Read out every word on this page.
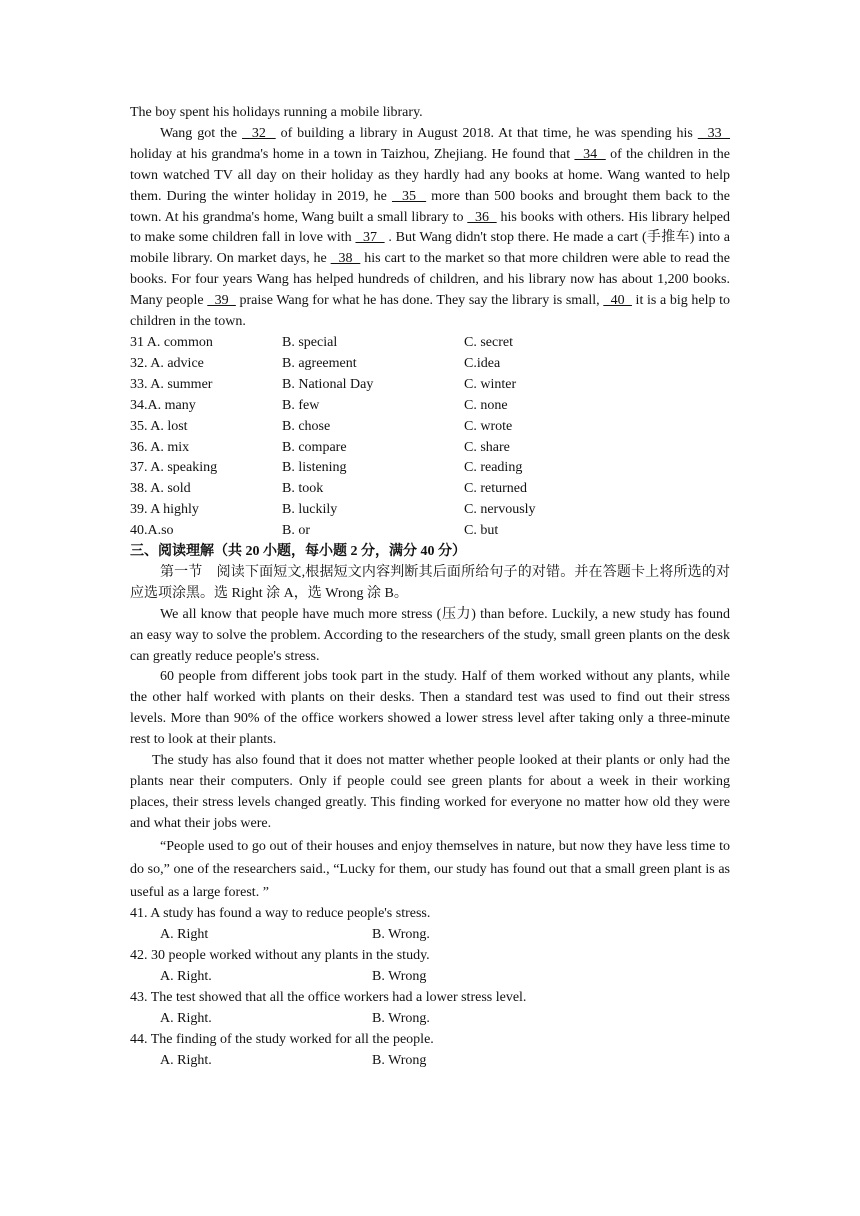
The boy spent his holidays running a mobile library.

Wang got the   32   of building a library in August 2018. At that time, he was spending his   33   holiday at his grandma's home in a town in Taizhou, Zhejiang. He found that   34   of the children in the town watched TV all day on their holiday as they hardly had any books at home. Wang wanted to help them. During the winter holiday in 2019, he   35   more than 500 books and brought them back to the town. At his grandma's home, Wang built a small library to   36   his books with others. His library helped to make some children fall in love with   37   . But Wang didn't stop there. He made a cart (手推车) into a mobile library. On market days, he   38   his cart to the market so that more children were able to read the books. For four years Wang has helped hundreds of children, and his library now has about 1,200 books. Many people   39   praise Wang for what he has done. They say the library is small,   40   it is a big help to children in the town.

31 A. common	B. special	C. secret
32. A. advice	B. agreement	C.idea
33. A. summer	B. National Day	C. winter
34.A. many	B. few	C. none
35. A. lost	B. chose	C. wrote
36. A. mix	B. compare	C. share
37. A. speaking	B. listening	C. reading
38. A. sold	B. took	C. returned
39. A highly	B. luckily	C. nervously
40.A.so	B. or	C. but

三、阅读理解（共 20 小题，每小题 2 分，满分 40 分）

第一节　阅读下面短文,根据短文内容判断其后面所给句子的对错。并在答题卡上将所选的对应选项涂黑。选 Right 涂 A，选 Wrong 涂 B。

We all know that people have much more stress (压力) than before. Luckily, a new study has found an easy way to solve the problem. According to the researchers of the study, small green plants on the desk can greatly reduce people's stress.

60 people from different jobs took part in the study. Half of them worked without any plants, while the other half worked with plants on their desks. Then a standard test was used to find out their stress levels. More than 90% of the office workers showed a lower stress level after taking only a three-minute rest to look at their plants.

The study has also found that it does not matter whether people looked at their plants or only had the plants near their computers. Only if people could see green plants for about a week in their working places, their stress levels changed greatly. This finding worked for everyone no matter how old they were and what their jobs were.

“People used to go out of their houses and enjoy themselves in nature, but now they have less time to do so,” one of the researchers said., “Lucky for them, our study has found out that a small green plant is as useful as a large forest. ”

41. A study has found a way to reduce people's stress.

A. Right	B. Wrong.

42. 30 people worked without any plants in the study.

A. Right.	B. Wrong

43. The test showed that all the office workers had a lower stress level.

A. Right.	B. Wrong.

44. The finding of the study worked for all the people.

A. Right.	B. Wrong
